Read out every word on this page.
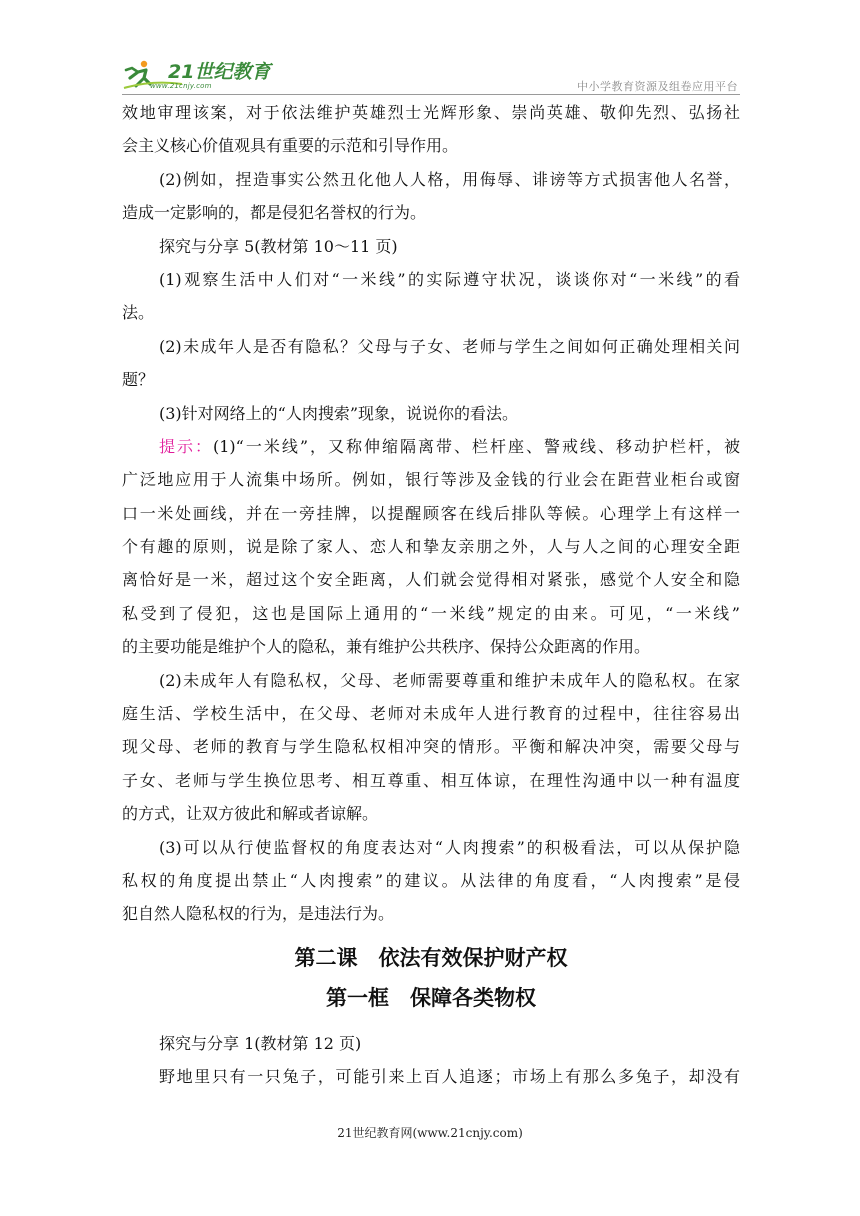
21世纪教育
www.21cnjy.com	中小学教育资源及组卷应用平台
效地审理该案，对于依法维护英雄烈士光辉形象、崇尚英雄、敬仰先烈、弘扬社
会主义核心价值观具有重要的示范和引导作用。
(2)例如，捏造事实公然丑化他人人格，用侮辱、诽谤等方式损害他人名誉，
造成一定影响的，都是侵犯名誉权的行为。
探究与分享 5(教材第 10～11 页)
(1)观察生活中人们对“一米线”的实际遵守状况，谈谈你对“一米线”的看
法。
(2)未成年人是否有隐私？父母与子女、老师与学生之间如何正确处理相关问
题？
(3)针对网络上的“人肉搜索”现象，说说你的看法。
提示：(1)“一米线”，又称伸缩隔离带、栏杆座、警戒线、移动护栏杆，被
广泛地应用于人流集中场所。例如，银行等涉及金钱的行业会在距营业柜台或窗
口一米处画线，并在一旁挂牌，以提醒顾客在线后排队等候。心理学上有这样一
个有趣的原则，说是除了家人、恋人和挚友亲朋之外，人与人之间的心理安全距
离恰好是一米，超过这个安全距离，人们就会觉得相对紧张，感觉个人安全和隐
私受到了侵犯，这也是国际上通用的“一米线”规定的由来。可见，“一米线”
的主要功能是维护个人的隐私，兼有维护公共秩序、保持公众距离的作用。
(2)未成年人有隐私权，父母、老师需要尊重和维护未成年人的隐私权。在家
庭生活、学校生活中，在父母、老师对未成年人进行教育的过程中，往往容易出
现父母、老师的教育与学生隐私权相冲突的情形。平衡和解决冲突，需要父母与
子女、老师与学生换位思考、相互尊重、相互体谅，在理性沟通中以一种有温度
的方式，让双方彼此和解或者谅解。
(3)可以从行使监督权的角度表达对“人肉搜索”的积极看法，可以从保护隐
私权的角度提出禁止“人肉搜索”的建议。从法律的角度看，“人肉搜索”是侵
犯自然人隐私权的行为，是违法行为。
第二课　依法有效保护财产权
第一框　保障各类物权
探究与分享 1(教材第 12 页)
野地里只有一只兔子，可能引来上百人追逐；市场上有那么多兔子，却没有
21世纪教育网(www.21cnjy.com)
